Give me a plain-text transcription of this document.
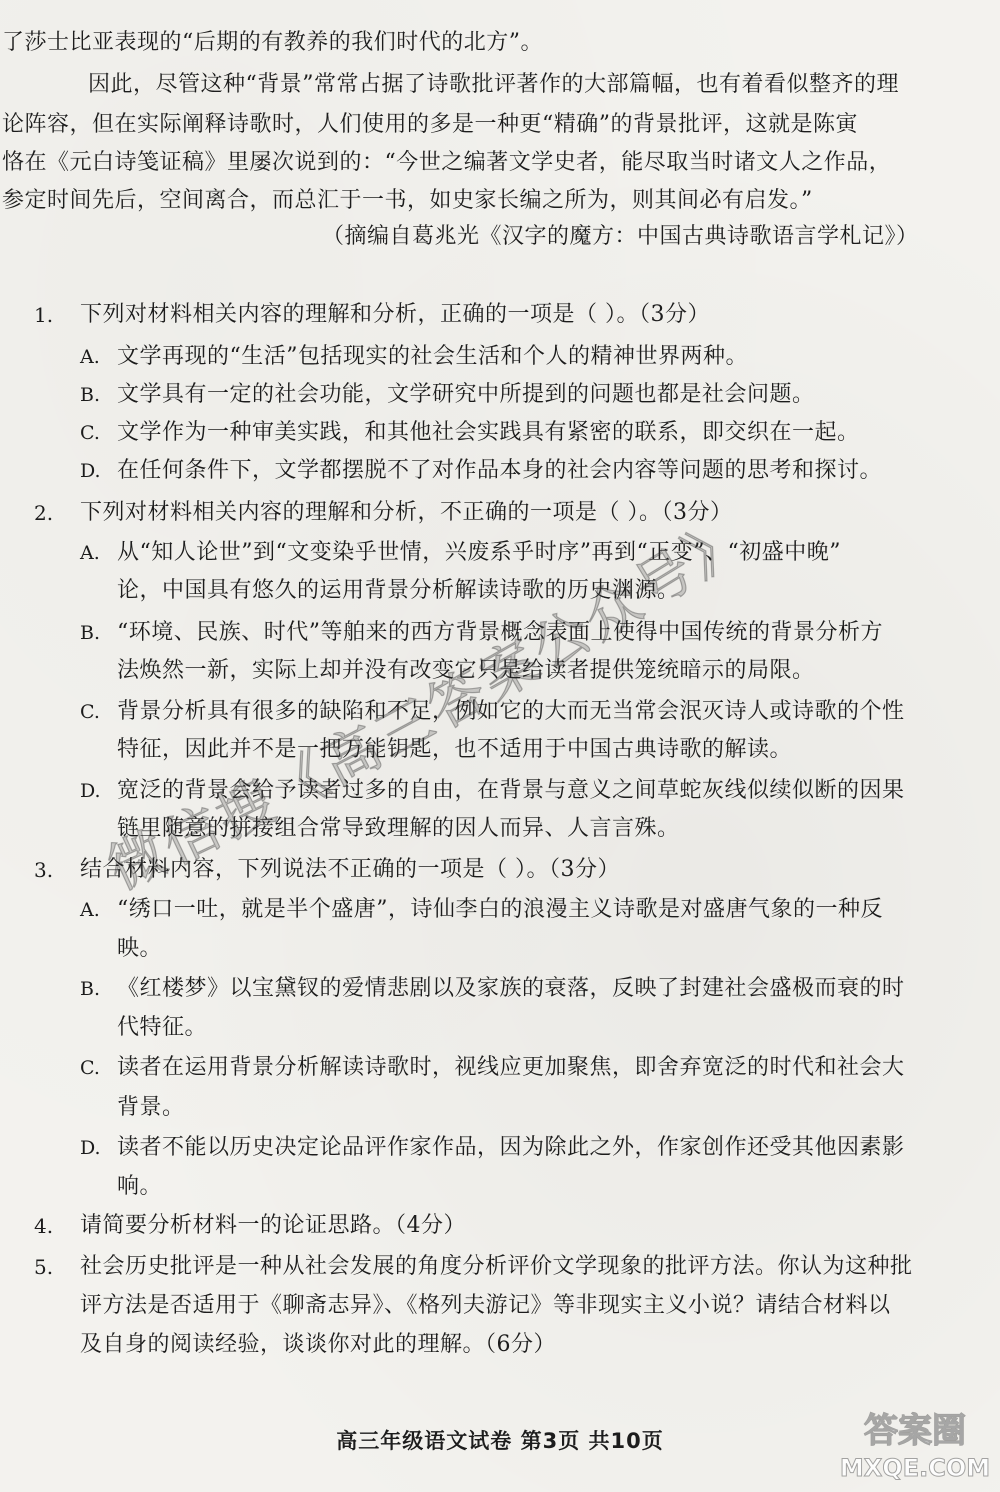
了莎士比亚表现的“后期的有教养的我们时代的北方”。
因此，尽管这种“背景”常常占据了诗歌批评著作的大部篇幅，也有着看似整齐的理
论阵容，但在实际阐释诗歌时，人们使用的多是一种更“精确”的背景批评，这就是陈寅
恪在《元白诗笺证稿》里屡次说到的：“今世之编著文学史者，能尽取当时诸文人之作品，
参定时间先后，空间离合，而总汇于一书，如史家长编之所为，则其间必有启发。”
（摘编自葛兆光《汉字的魔方：中国古典诗歌语言学札记》）
1. 下列对材料相关内容的理解和分析，正确的一项是（ ）。（3分）
A. 文学再现的“生活”包括现实的社会生活和个人的精神世界两种。
B. 文学具有一定的社会功能，文学研究中所提到的问题也都是社会问题。
C. 文学作为一种审美实践，和其他社会实践具有紧密的联系，即交织在一起。
D. 在任何条件下，文学都摆脱不了对作品本身的社会内容等问题的思考和探讨。
2. 下列对材料相关内容的理解和分析，不正确的一项是（ ）。（3分）
A. 从“知人论世”到“文变染乎世情，兴废系乎时序”再到“正变”、“初盛中晚”
论，中国具有悠久的运用背景分析解读诗歌的历史渊源。
B. “环境、民族、时代”等舶来的西方背景概念表面上使得中国传统的背景分析方
法焕然一新，实际上却并没有改变它只是给读者提供笼统暗示的局限。
C. 背景分析具有很多的缺陷和不足，例如它的大而无当常会泯灭诗人或诗歌的个性
特征，因此并不是一把万能钥匙，也不适用于中国古典诗歌的解读。
D. 宽泛的背景会给予读者过多的自由，在背景与意义之间草蛇灰线似续似断的因果
链里随意的拼接组合常导致理解的因人而异、人言言殊。
3. 结合材料内容，下列说法不正确的一项是（ ）。（3分）
A. “绣口一吐，就是半个盛唐”，诗仙李白的浪漫主义诗歌是对盛唐气象的一种反
映。
B. 《红楼梦》以宝黛钗的爱情悲剧以及家族的衰落，反映了封建社会盛极而衰的时
代特征。
C. 读者在运用背景分析解读诗歌时，视线应更加聚焦，即舍弃宽泛的时代和社会大
背景。
D. 读者不能以历史决定论品评作家作品，因为除此之外，作家创作还受其他因素影
响。
4. 请简要分析材料一的论证思路。（4分）
5. 社会历史批评是一种从社会发展的角度分析评价文学现象的批评方法。你认为这种批
评方法是否适用于《聊斋志异》、《格列夫游记》等非现实主义小说？请结合材料以
及自身的阅读经验，谈谈你对此的理解。（6分）
高三年级语文试卷 第3页 共10页
微信搜《高三答案公众号》
答案圈
MXQE.COM
